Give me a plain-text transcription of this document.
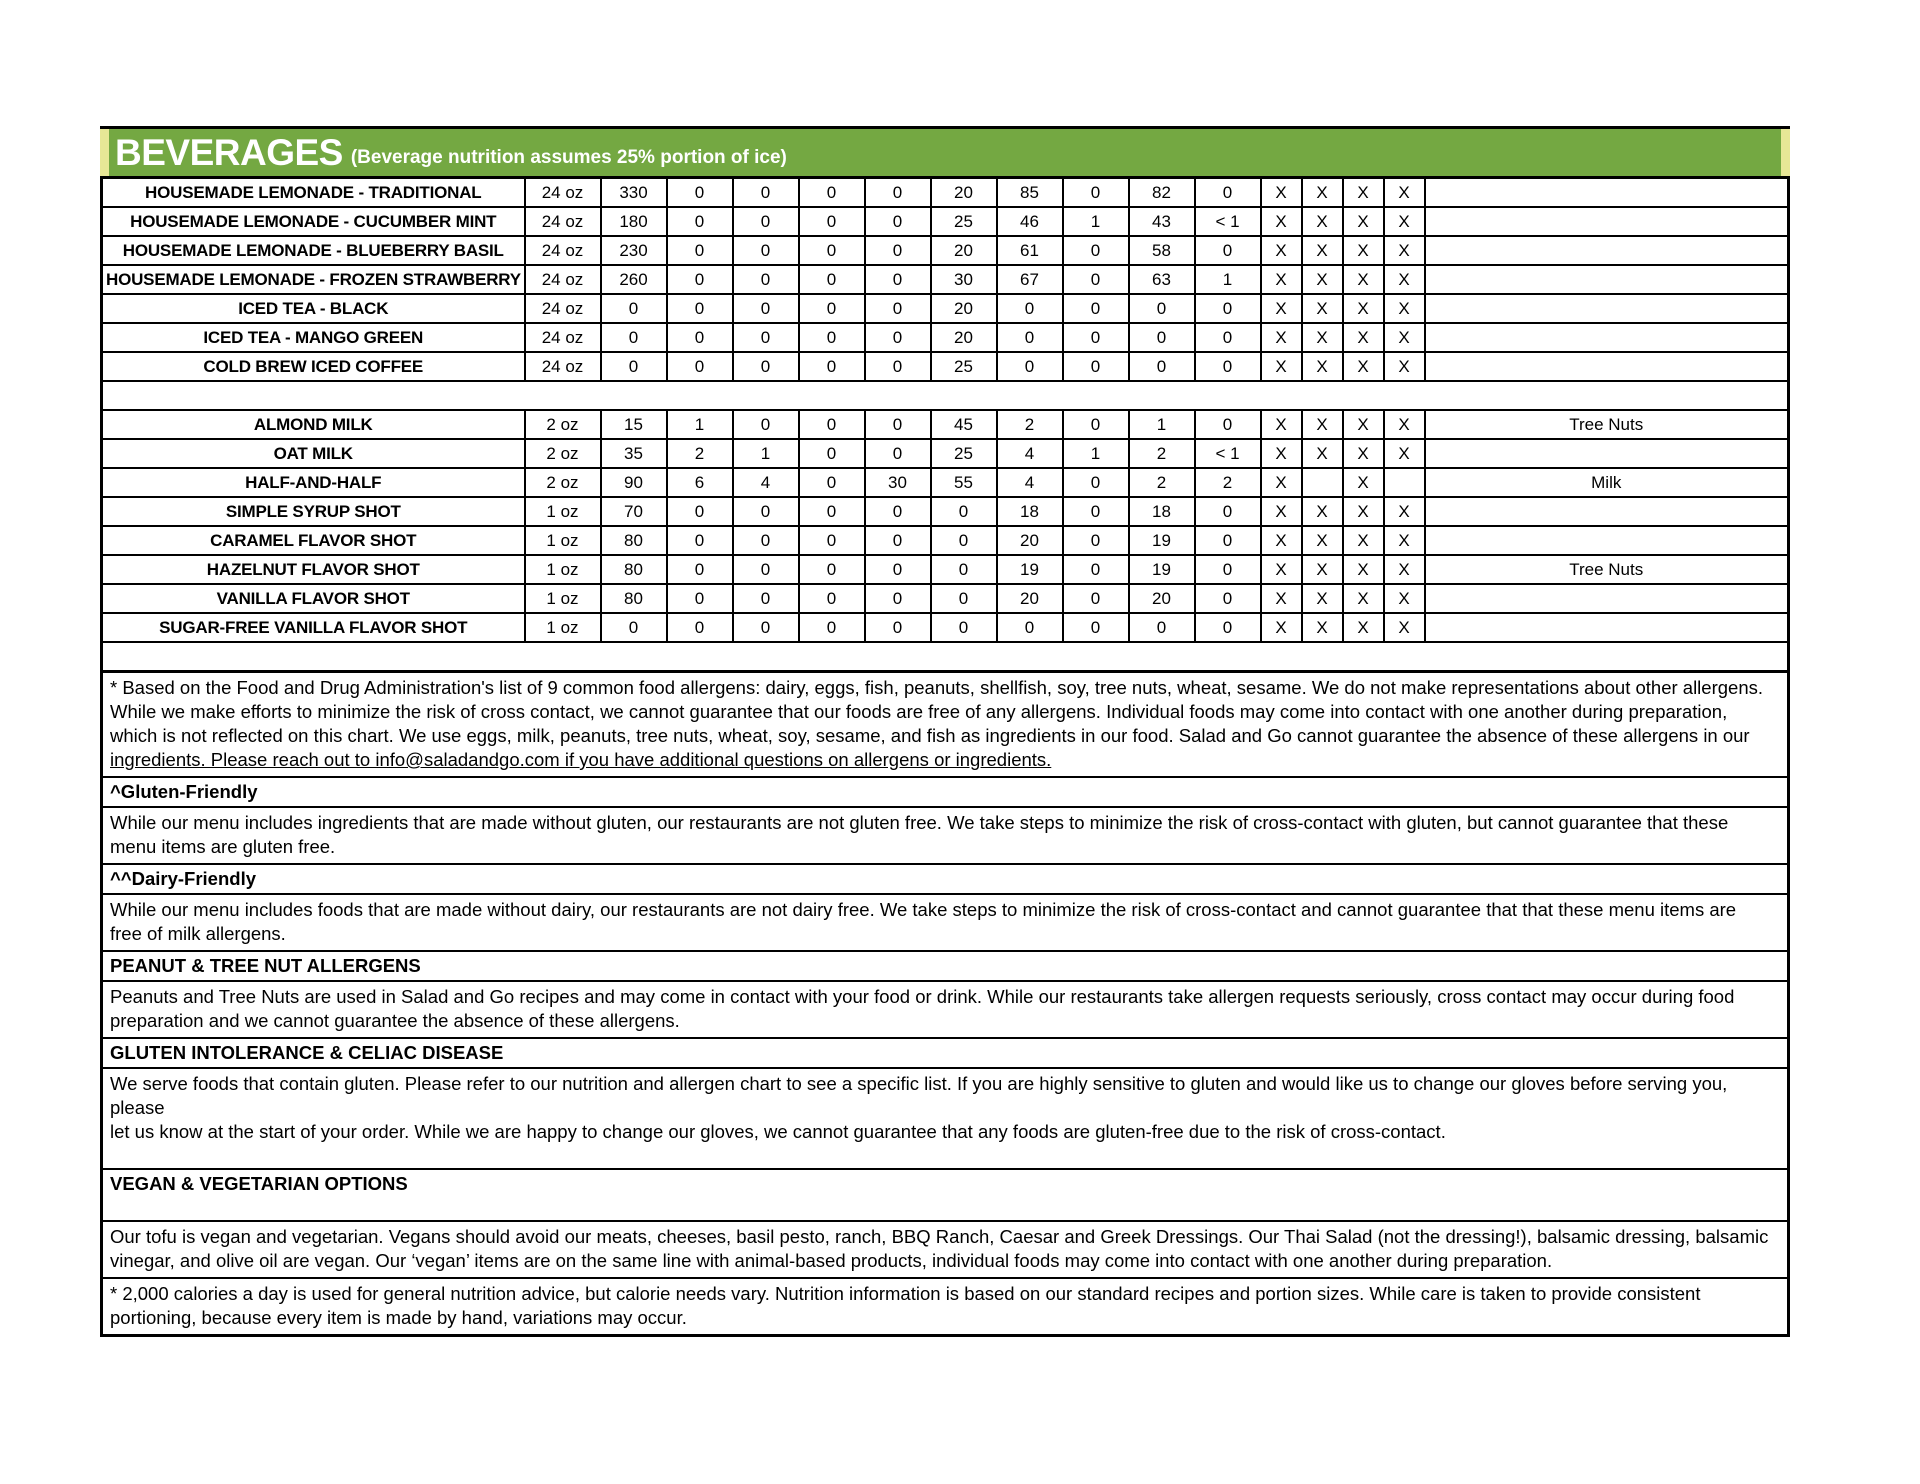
BEVERAGES (Beverage nutrition assumes 25% portion of ice)
HOUSEMADE LEMONADE - TRADITIONAL	24 oz	330	0	0	0	0	20	85	0	82	0	X	X	X	X	
HOUSEMADE LEMONADE - CUCUMBER MINT	24 oz	180	0	0	0	0	25	46	1	43	< 1	X	X	X	X	
HOUSEMADE LEMONADE - BLUEBERRY BASIL	24 oz	230	0	0	0	0	20	61	0	58	0	X	X	X	X	
HOUSEMADE LEMONADE - FROZEN STRAWBERRY	24 oz	260	0	0	0	0	30	67	0	63	1	X	X	X	X	
ICED TEA - BLACK	24 oz	0	0	0	0	0	20	0	0	0	0	X	X	X	X	
ICED TEA - MANGO GREEN	24 oz	0	0	0	0	0	20	0	0	0	0	X	X	X	X	
COLD BREW ICED COFFEE	24 oz	0	0	0	0	0	25	0	0	0	0	X	X	X	X	
COLD BREW ADD-INS																
ALMOND MILK	2 oz	15	1	0	0	0	45	2	0	1	0	X	X	X	X	Tree Nuts
OAT MILK	2 oz	35	2	1	0	0	25	4	1	2	< 1	X	X	X	X	
HALF-AND-HALF	2 oz	90	6	4	0	30	55	4	0	2	2	X		X		Milk
SIMPLE SYRUP SHOT	1 oz	70	0	0	0	0	0	18	0	18	0	X	X	X	X	
CARAMEL FLAVOR SHOT	1 oz	80	0	0	0	0	0	20	0	19	0	X	X	X	X	
HAZELNUT FLAVOR SHOT	1 oz	80	0	0	0	0	0	19	0	19	0	X	X	X	X	Tree Nuts
VANILLA FLAVOR SHOT	1 oz	80	0	0	0	0	0	20	0	20	0	X	X	X	X	
SUGAR-FREE VANILLA FLAVOR SHOT	1 oz	0	0	0	0	0	0	0	0	0	0	X	X	X	X	

* Based on the Food and Drug Administration's list of 9 common food allergens: dairy, eggs, fish, peanuts, shellfish, soy, tree nuts, wheat, sesame. We do not make representations about other allergens.
While we make efforts to minimize the risk of cross contact, we cannot guarantee that our foods are free of any allergens. Individual foods may come into contact with one another during preparation,
which is not reflected on this chart. We use eggs, milk, peanuts, tree nuts, wheat, soy, sesame, and fish as ingredients in our food. Salad and Go cannot guarantee the absence of these allergens in our
ingredients. Please reach out to info@saladandgo.com if you have additional questions on allergens or ingredients.
^Gluten-Friendly
While our menu includes ingredients that are made without gluten, our restaurants are not gluten free. We take steps to minimize the risk of cross-contact with gluten, but cannot guarantee that these
menu items are gluten free.
^^Dairy-Friendly
While our menu includes foods that are made without dairy, our restaurants are not dairy free. We take steps to minimize the risk of cross-contact and cannot guarantee that that these menu items are
free of milk allergens.
PEANUT & TREE NUT ALLERGENS
Peanuts and Tree Nuts are used in Salad and Go recipes and may come in contact with your food or drink. While our restaurants take allergen requests seriously, cross contact may occur during food
preparation and we cannot guarantee the absence of these allergens.
GLUTEN INTOLERANCE & CELIAC DISEASE
We serve foods that contain gluten. Please refer to our nutrition and allergen chart to see a specific list. If you are highly sensitive to gluten and would like us to change our gloves before serving you, please
let us know at the start of your order. While we are happy to change our gloves, we cannot guarantee that any foods are gluten-free due to the risk of cross-contact.
VEGAN & VEGETARIAN OPTIONS
Our tofu is vegan and vegetarian. Vegans should avoid our meats, cheeses, basil pesto, ranch, BBQ Ranch, Caesar and Greek Dressings. Our Thai Salad (not the dressing!), balsamic dressing, balsamic
vinegar, and olive oil are vegan. Our ‘vegan’ items are on the same line with animal-based products, individual foods may come into contact with one another during preparation.
* 2,000 calories a day is used for general nutrition advice, but calorie needs vary. Nutrition information is based on our standard recipes and portion sizes. While care is taken to provide consistent
portioning, because every item is made by hand, variations may occur.
